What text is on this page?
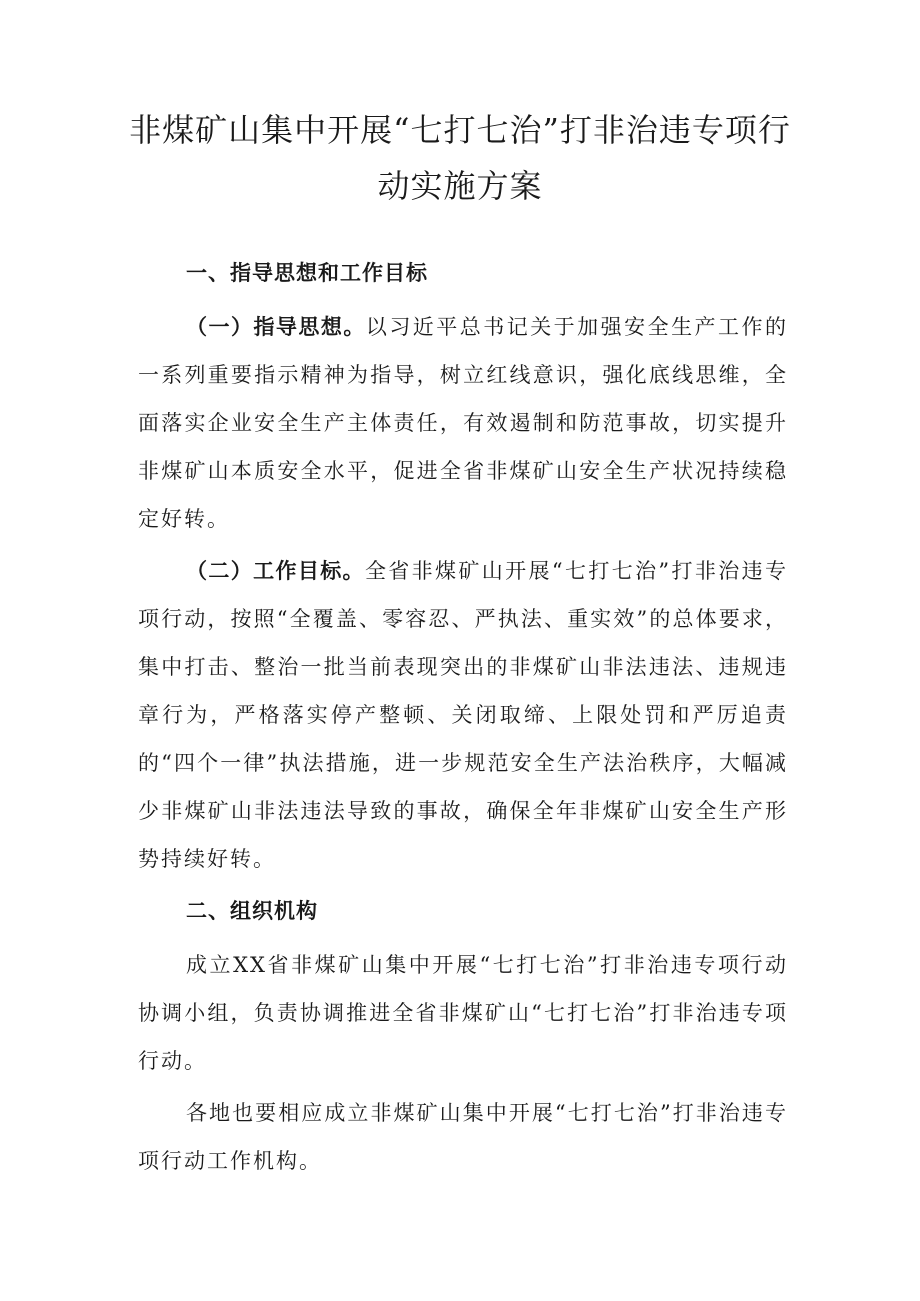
非煤矿山集中开展“七打七治”打非治违专项行动实施方案
一、指导思想和工作目标

（一）指导思想。以习近平总书记关于加强安全生产工作的一系列重要指示精神为指导，树立红线意识，强化底线思维，全面落实企业安全生产主体责任，有效遏制和防范事故，切实提升非煤矿山本质安全水平，促进全省非煤矿山安全生产状况持续稳定好转。

（二）工作目标。全省非煤矿山开展“七打七治”打非治违专项行动，按照“全覆盖、零容忍、严执法、重实效”的总体要求，集中打击、整治一批当前表现突出的非煤矿山非法违法、违规违章行为，严格落实停产整顿、关闭取缔、上限处罚和严厉追责的“四个一律”执法措施，进一步规范安全生产法治秩序，大幅减少非煤矿山非法违法导致的事故，确保全年非煤矿山安全生产形势持续好转。

二、组织机构

成立XX省非煤矿山集中开展“七打七治”打非治违专项行动协调小组，负责协调推进全省非煤矿山“七打七治”打非治违专项行动。

各地也要相应成立非煤矿山集中开展“七打七治”打非治违专项行动工作机构。
